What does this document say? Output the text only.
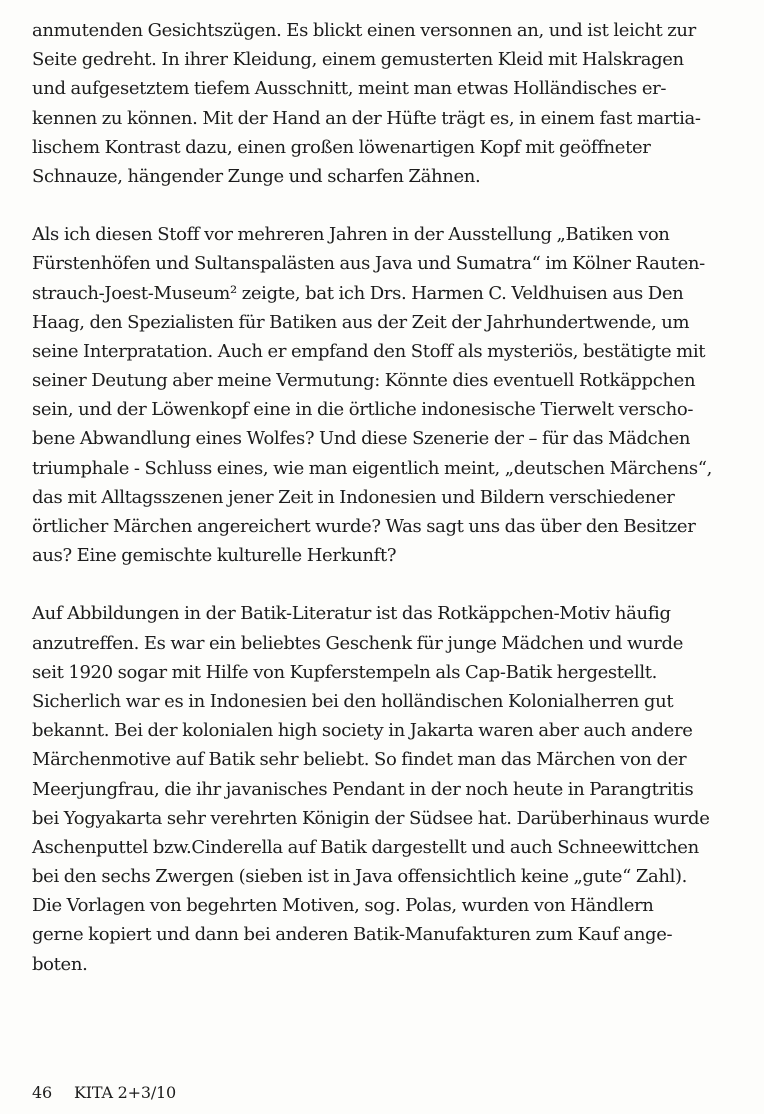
anmutenden Gesichtszügen. Es blickt einen versonnen an, und ist leicht zur
Seite gedreht. In ihrer Kleidung, einem gemusterten Kleid mit Halskragen
und aufgesetztem tiefem Ausschnitt, meint man etwas Holländisches er-
kennen zu können. Mit der Hand an der Hüfte trägt es, in einem fast martia-
lischem Kontrast dazu, einen großen löwenartigen Kopf mit geöffneter
Schnauze, hängender Zunge und scharfen Zähnen.
Als ich diesen Stoff vor mehreren Jahren in der Ausstellung „Batiken von
Fürstenhöfen und Sultanspalästen aus Java und Sumatra“ im Kölner Rauten-
strauch-Joest-Museum² zeigte, bat ich Drs. Harmen C. Veldhuisen aus Den
Haag, den Spezialisten für Batiken aus der Zeit der Jahrhundertwende, um
seine Interpratation. Auch er empfand den Stoff als mysteriös, bestätigte mit
seiner Deutung aber meine Vermutung: Könnte dies eventuell Rotkäppchen
sein, und der Löwenkopf eine in die örtliche indonesische Tierwelt verscho-
bene Abwandlung eines Wolfes? Und diese Szenerie der – für das Mädchen
triumphale - Schluss eines, wie man eigentlich meint, „deutschen Märchens“,
das mit Alltagsszenen jener Zeit in Indonesien und Bildern verschiedener
örtlicher Märchen angereichert wurde? Was sagt uns das über den Besitzer
aus? Eine gemischte kulturelle Herkunft?
Auf Abbildungen in der Batik-Literatur ist das Rotkäppchen-Motiv häufig
anzutreffen. Es war ein beliebtes Geschenk für junge Mädchen und wurde
seit 1920 sogar mit Hilfe von Kupferstempeln als Cap-Batik hergestellt.
Sicherlich war es in Indonesien bei den holländischen Kolonialherren gut
bekannt. Bei der kolonialen high society in Jakarta waren aber auch andere
Märchenmotive auf Batik sehr beliebt. So findet man das Märchen von der
Meerjungfrau, die ihr javanisches Pendant in der noch heute in Parangtritis
bei Yogyakarta sehr verehrten Königin der Südsee hat. Darüberhinaus wurde
Aschenputtel bzw.Cinderella auf Batik dargestellt und auch Schneewittchen
bei den sechs Zwergen (sieben ist in Java offensichtlich keine „gute“ Zahl).
Die Vorlagen von begehrten Motiven, sog. Polas, wurden von Händlern
gerne kopiert und dann bei anderen Batik-Manufakturen zum Kauf ange-
boten.
46 KITA 2+3/10
